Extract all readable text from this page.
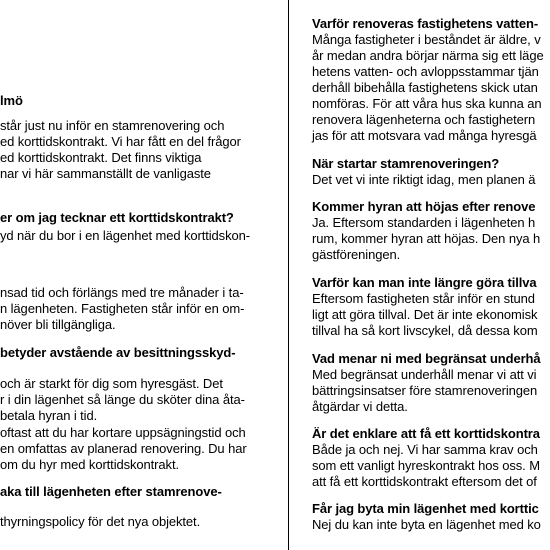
lmö
står just nu inför en stamrenovering och
ed korttidskontrakt. Vi har fått en del frågor
ed korttidskontrakt. Det finns viktiga
nar vi här sammanställt de vanligaste
er om jag tecknar ett korttidskontrakt?
yd när du bor i en lägenhet med korttidskon-
nsad tid och förlängs med tre månader i ta-
n lägenheten. Fastigheten står inför en om-
növer bli tillgängliga.
betyder avstående av besittningsskyd-
och är starkt för dig som hyresgäst. Det
r i din lägenhet så länge du sköter dina åta-
betala hyran i tid.
oftast att du har kortare uppsägningstid och
en omfattas av planerad renovering. Du har
om du hyr med korttidskontrakt.
aka till lägenheten efter stamrenove-
thyrningspolicy för det nya objektet.
Varför renoveras fastighetens vatten-
Många fastigheter i beståndet är äldre, v
år medan andra börjar närma sig ett läge
hetens vatten- och avloppsstammar tjän
derhåll bibehålla fastighetens skick utan
nomföras. För att våra hus ska kunna an
renovera lägenheterna och fastighetern
jas för att motsvara vad många hyresgä
När startar stamrenoveringen?
Det vet vi inte riktigt idag, men planen ä
Kommer hyran att höjas efter renove
Ja. Eftersom standarden i lägenheten h
rum, kommer hyran att höjas. Den nya h
gästföreningen.
Varför kan man inte längre göra tillva
Eftersom fastigheten står inför en stund
ligt att göra tillval. Det är inte ekonomisk
tillval ha så kort livscykel, då dessa kom
Vad menar ni med begränsat underhå
Med begränsat underhåll menar vi att vi
bättringsinsatser före stamrenoveringen
åtgärdar vi detta.
Är det enklare att få ett korttidskontra
Både ja och nej. Vi har samma krav och
som ett vanligt hyreskontrakt hos oss. M
att få ett korttidskontrakt eftersom det of
Får jag byta min lägenhet med korttic
Nej du kan inte byta en lägenhet med ko
